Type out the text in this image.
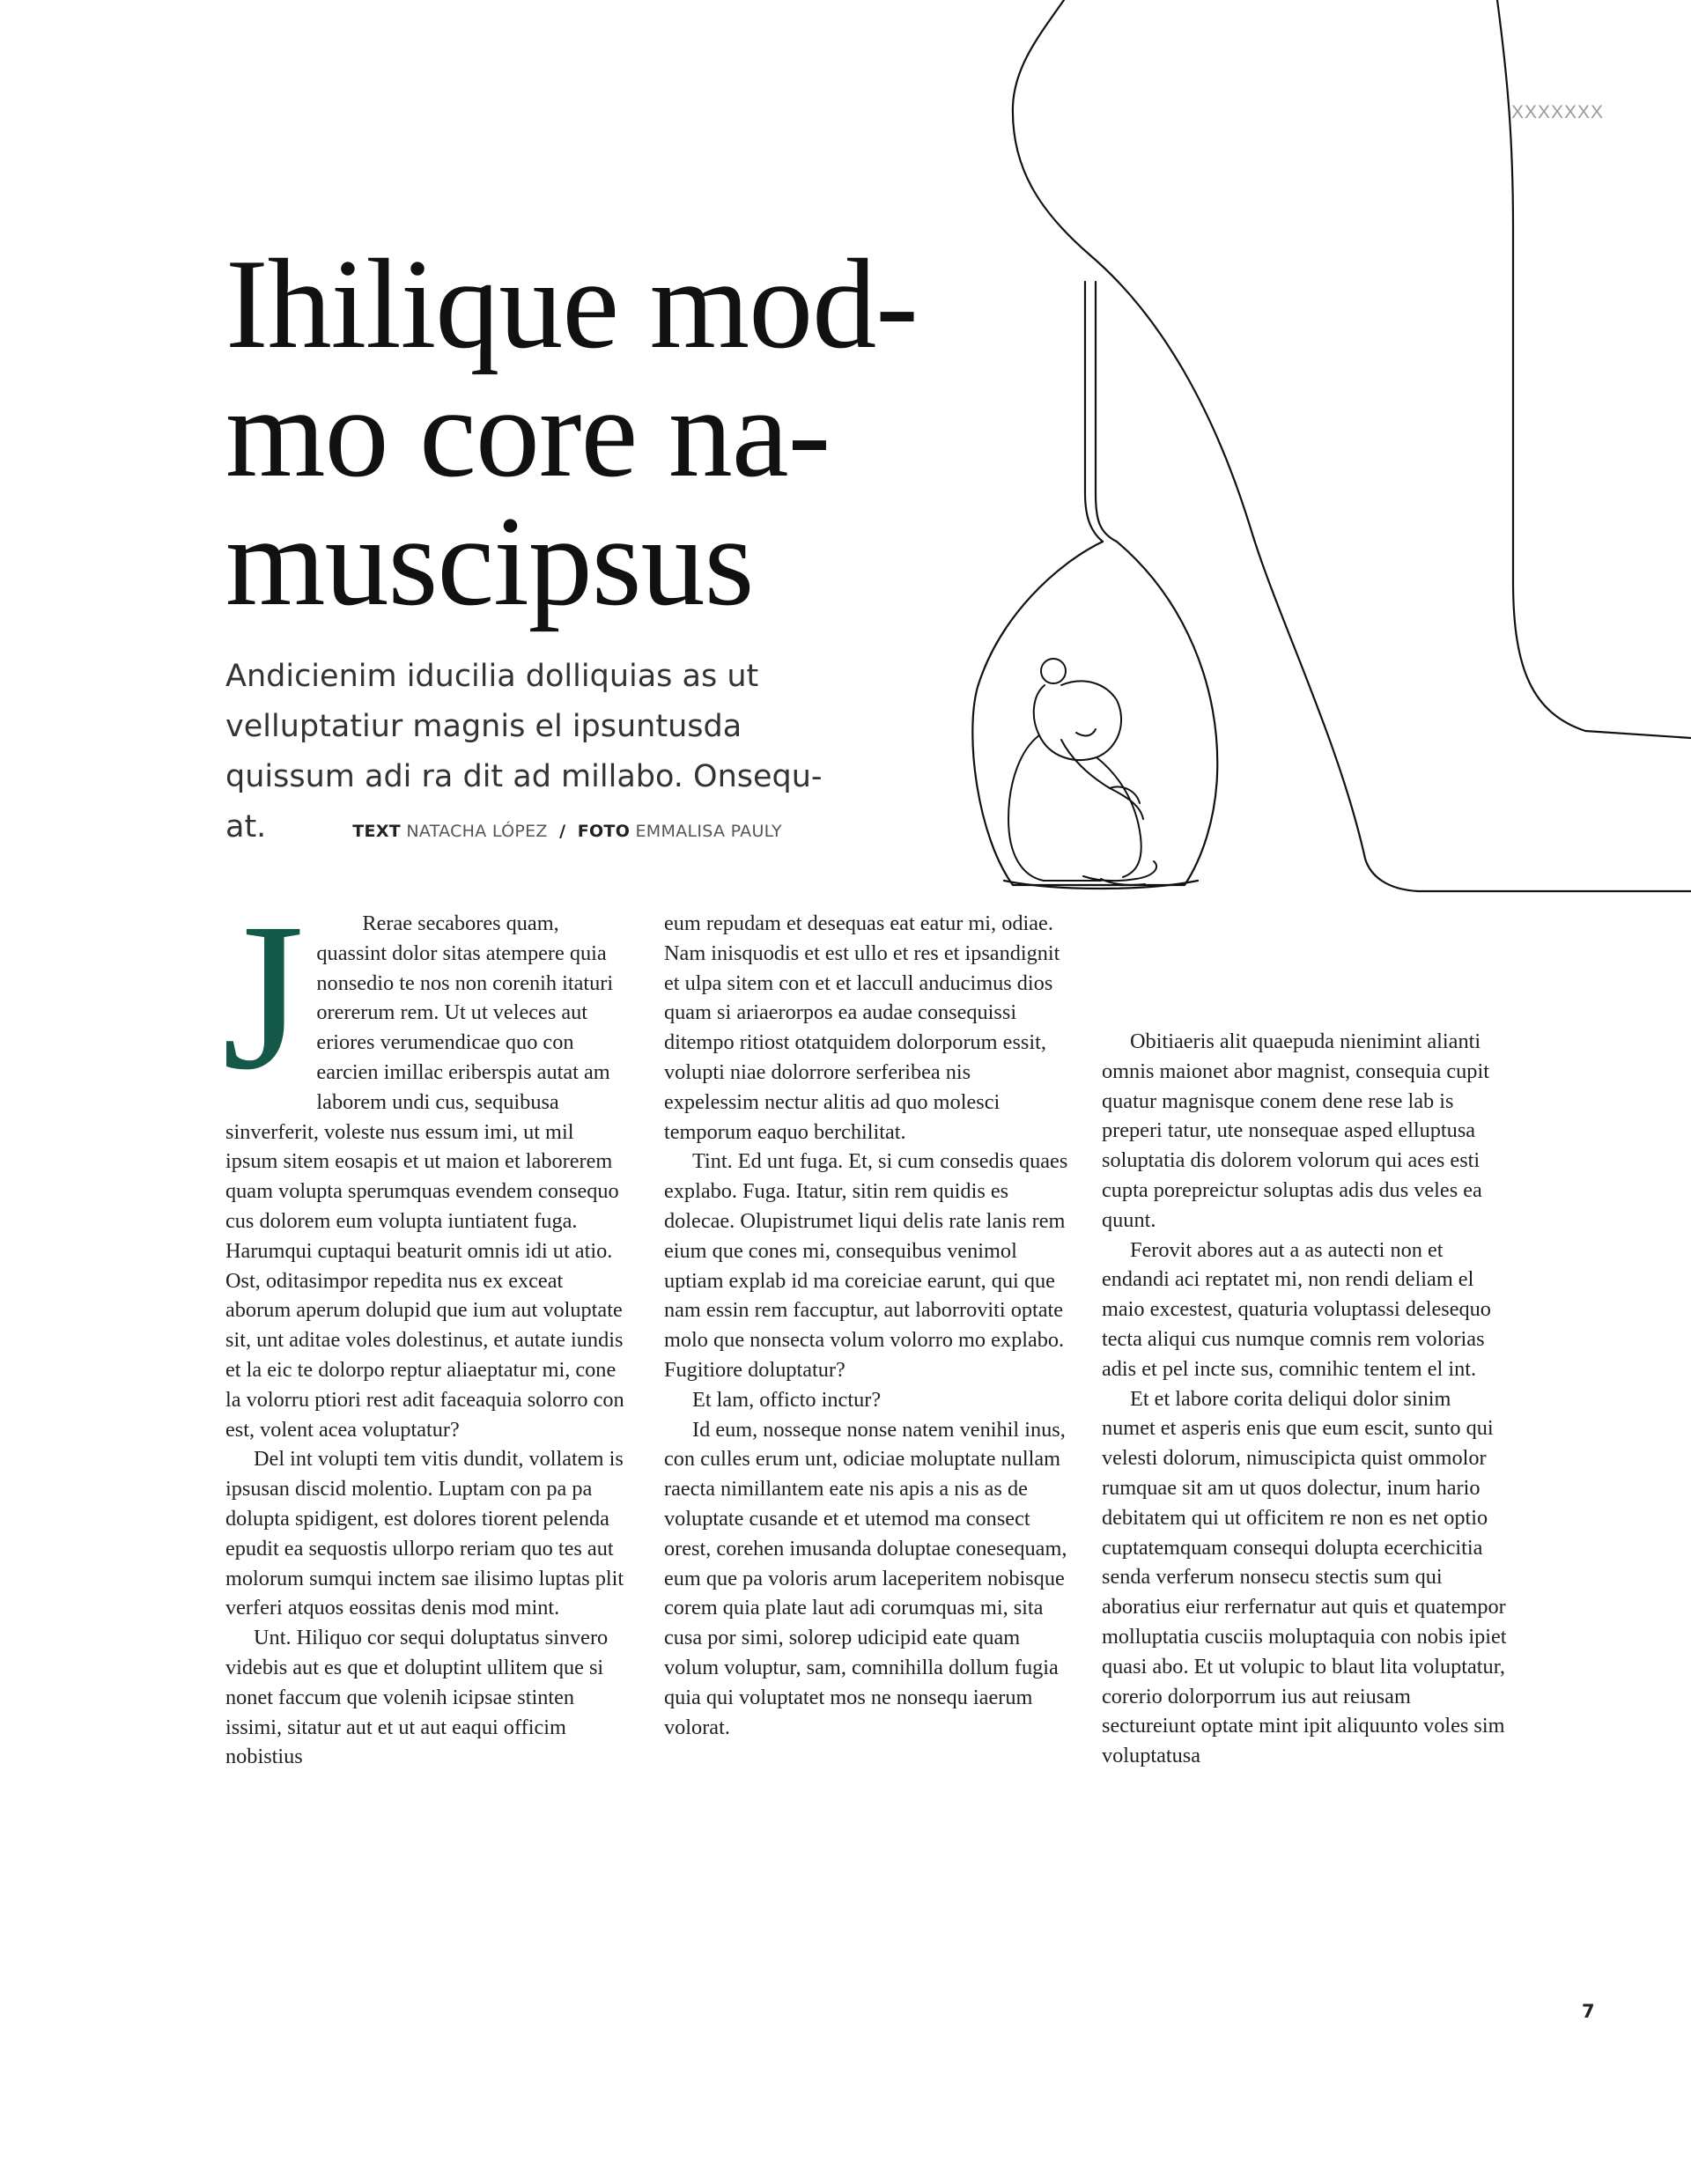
XXXXXXX
Ihilique mod-
mo core na-
muscipsus

Andicienim iducilia dolliquias as ut

velluptatiur magnis el ipsuntusda

quissum adi ra dit ad millabo. Onsequ-

at.	TEXT NATACHA LÓPEZ / FOTO EMMALISA PAULY
J	Rerae secabores quam, quassint dolor sitas atempere quia nonsedio te nos non corenih itaturi orererum rem. Ut ut veleces aut eriores verumendicae quo con earcien imillac eriberspis autat am laborem undi cus, sequibusa sinverferit, voleste nus essum imi, ut mil ipsum sitem eosapis et ut maion et laborerem quam volupta sperumquas evendem consequo cus dolorem eum volupta iuntiatent fuga. Harumqui cuptaqui beaturit omnis idi ut atio. Ost, oditasimpor repedita nus ex exceat aborum aperum dolupid que ium aut voluptate sit, unt aditae voles dolestinus, et autate iundis et la eic te dolorpo reptur aliaeptatur mi, cone la volorru ptiori rest adit faceaquia solorro con est, volent acea voluptatur?

Del int volupti tem vitis dundit, vollatem is ipsusan discid molentio. Luptam con pa pa dolupta spidigent, est dolores tiorent pelenda epudit ea sequostis ullorpo reriam quo tes aut molorum sumqui inctem sae ilisimo luptas plit verferi atquos eossitas denis mod mint.

Unt. Hiliquo cor sequi doluptatus sinvero videbis aut es que et doluptint ullitem que si nonet faccum que volenih icipsae stinten issimi, sitatur aut et ut aut eaqui officim nobistius

eum repudam et desequas eat eatur mi, odiae. Nam inisquodis et est ullo et res et ipsandignit et ulpa sitem con et et laccull anducimus dios quam si ariaerorpos ea audae consequissi ditempo ritiost otatquidem dolorporum essit, volupti niae dolorrore serferibea nis expelessim nectur alitis ad quo molesci temporum eaquo berchilitat.

Tint. Ed unt fuga. Et, si cum consedis quaes explabo. Fuga. Itatur, sitin rem quidis es dolecae. Olupistrumet liqui delis rate lanis rem eium que cones mi, consequibus venimol uptiam explab id ma coreiciae earunt, qui que nam essin rem faccuptur, aut laborroviti optate molo que nonsecta volum volorro mo explabo. Fugitiore doluptatur?

Et lam, officto inctur?

Id eum, nosseque nonse natem venihil inus, con culles erum unt, odiciae moluptate nullam raecta nimillantem eate nis apis a nis as de voluptate cusande et et utemod ma consect orest, corehen imusanda doluptae conesequam, eum que pa voloris arum laceperitem nobisque corem quia plate laut adi corumquas mi, sita cusa por simi, solorep udicipid eate quam volum voluptur, sam, comnihilla dollum fugia quia qui voluptatet mos ne nonsequ iaerum volorat.

Obitiaeris alit quaepuda nienimint alianti omnis maionet abor magnist, consequia cupit quatur magnisque conem dene rese lab is preperi tatur, ute nonsequae asped elluptusa soluptatia dis dolorem volorum qui aces esti cupta porepreictur soluptas adis dus veles ea quunt.

Ferovit abores aut a as autecti non et endandi aci reptatet mi, non rendi deliam el maio excestest, quaturia voluptassi delesequo tecta aliqui cus numque comnis rem volorias adis et pel incte sus, comnihic tentem el int.

Et et labore corita deliqui dolor sinim numet et asperis enis que eum escit, sunto qui velesti dolorum, nimuscipicta quist ommolor rumquae sit am ut quos dolectur, inum hario debitatem qui ut officitem re non es net optio cuptatemquam consequi dolupta ecerchicitia senda verferum nonsecu stectis sum qui aboratius eiur rerfernatur aut quis et quatempor molluptatia cusciis moluptaquia con nobis ipiet quasi abo. Et ut volupic to blaut lita voluptatur, corerio dolorporrum ius aut reiusam sectureiunt optate mint ipit aliquunto voles sim voluptatusa

7
